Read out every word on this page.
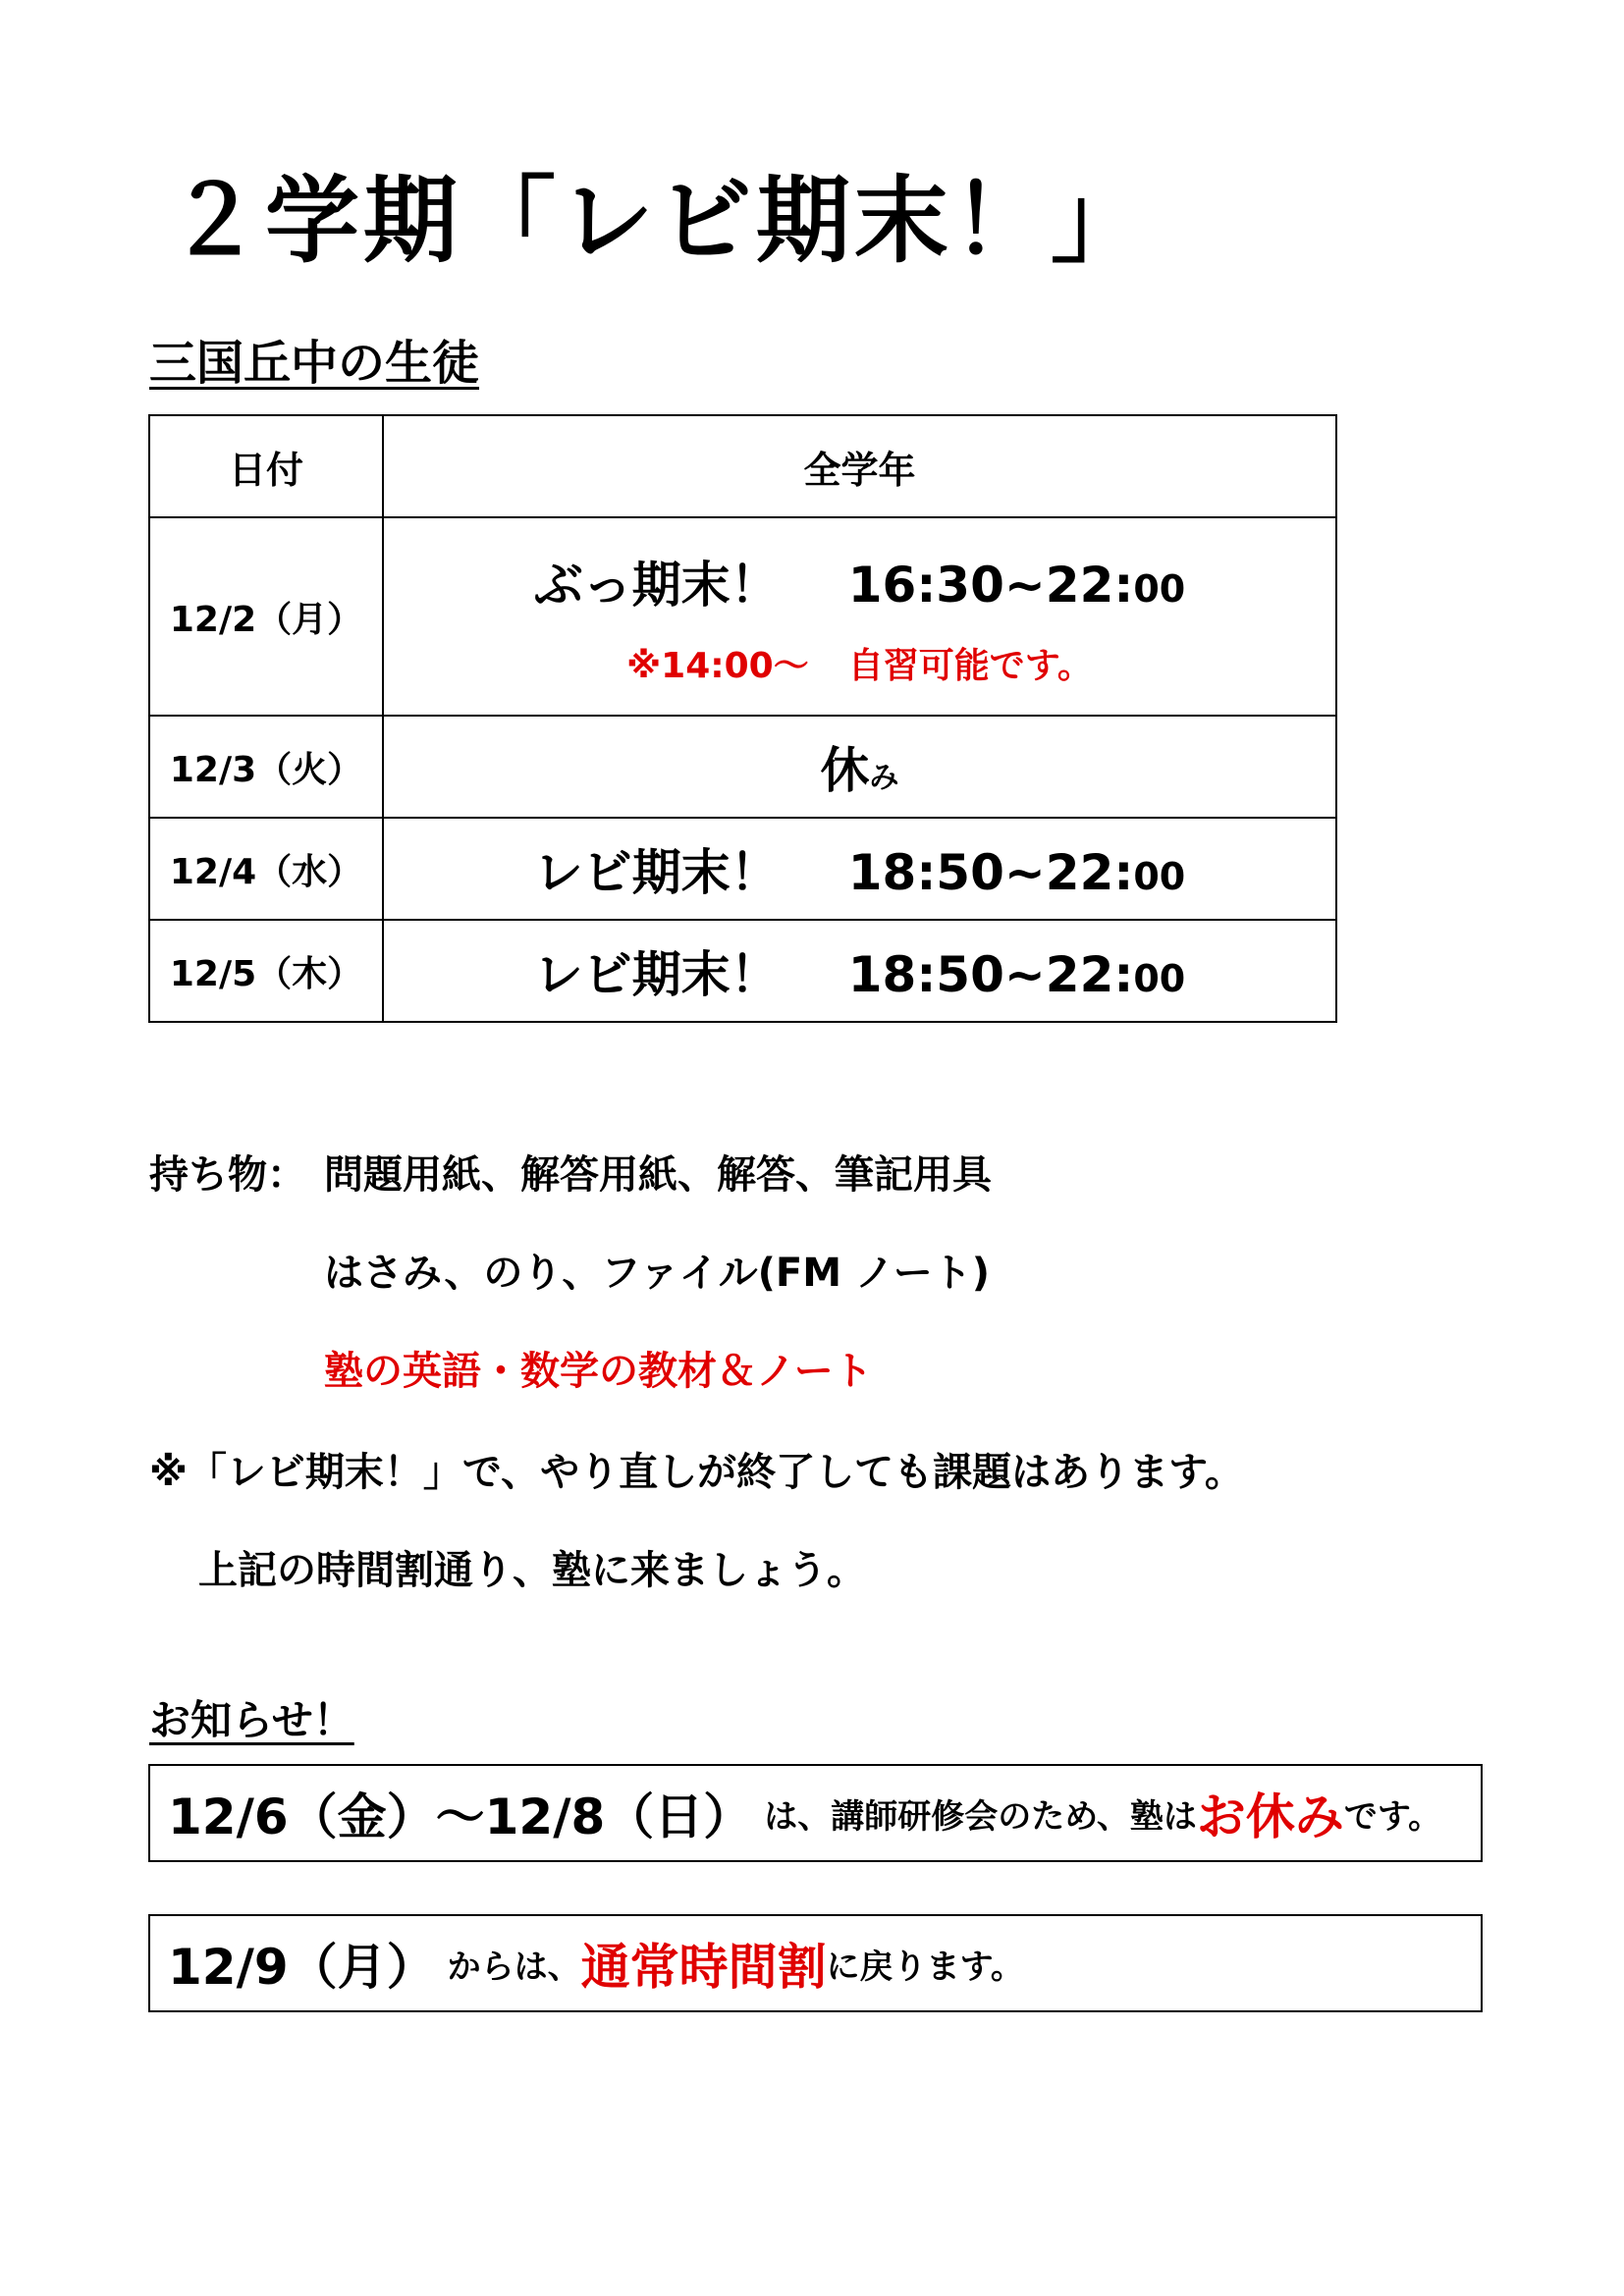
２学期「レビ期末！」
三国丘中の生徒
日付	全学年
12/2（月）	ぶっ期末！ 16:30~22:00
※14:00～ 自習可能です。

12/3（火）	休み
12/4（水）	レビ期末！ 18:50~22:00
12/5（木）	レビ期末！ 18:50~22:00
持ち物： 問題用紙、解答用紙、解答、筆記用具
はさみ、のり、ファイル(FM ノート)
塾の英語・数学の教材＆ノート
※「レビ期末！」で、やり直しが終了しても課題はあります。
上記の時間割通り、塾に来ましょう。
お知らせ！
12/6（金）～12/8（日） は、講師研修会のため、塾は お休み です。
12/9（月） からは、 通常時間割 に戻ります。
